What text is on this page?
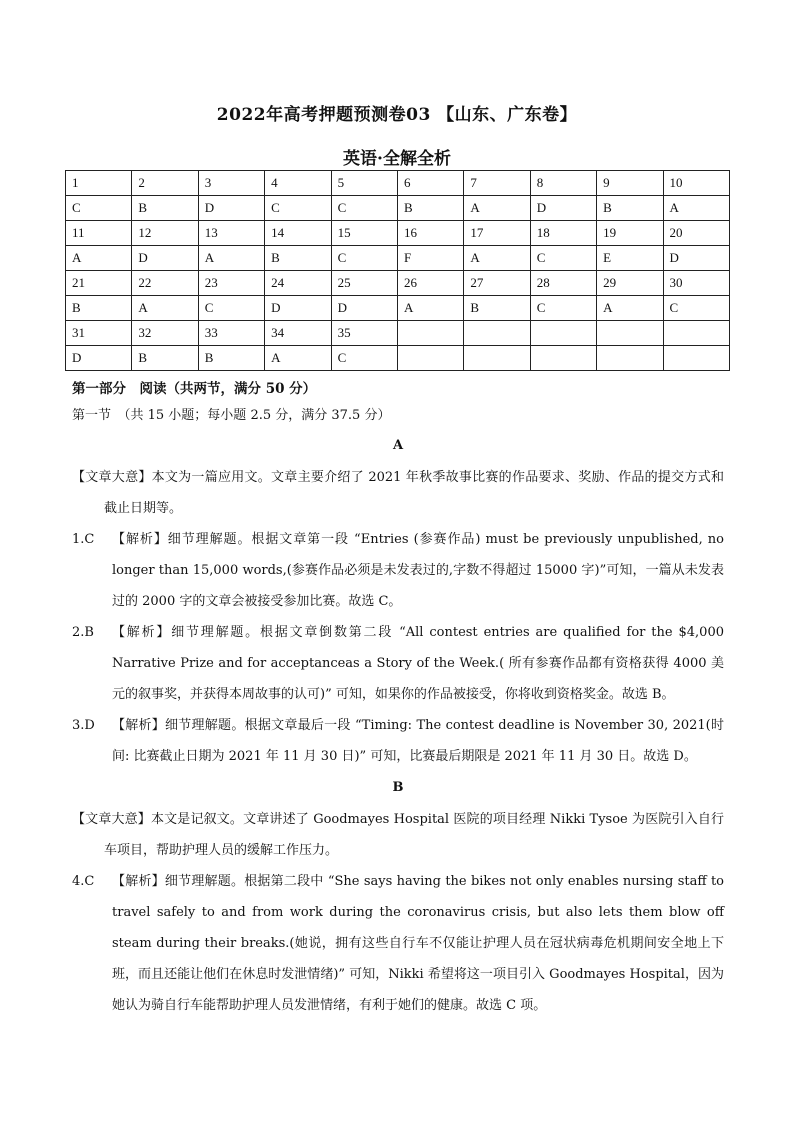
2022年高考押题预测卷03 【山东、广东卷】
英语·全解全析
1	2	3	4	5	6	7	8	9	10
C	B	D	C	C	B	A	D	B	A
11	12	13	14	15	16	17	18	19	20
A	D	A	B	C	F	A	C	E	D
21	22	23	24	25	26	27	28	29	30
B	A	C	D	D	A	B	C	A	C
31	32	33	34	35					
D	B	B	A	C					
第一部分　阅读（共两节，满分 50 分）
第一节　（共 15 小题；每小题 2.5 分，满分 37.5 分）
A
【文章大意】本文为一篇应用文。文章主要介绍了 2021 年秋季故事比赛的作品要求、奖励、作品的提交方式和截止日期等。
1.C	【解析】细节理解题。根据文章第一段 “Entries (参赛作品) must be previously unpublished, no longer than 15,000 words,(参赛作品必须是未发表过的,字数不得超过 15000 字)”可知，一篇从未发表过的 2000 字的文章会被接受参加比赛。故选 C。
2.B	【解析】细节理解题。根据文章倒数第二段 “All contest entries are qualified for the $4,000 Narrative Prize and for acceptanceas a Story of the Week.( 所有参赛作品都有资格获得 4000 美元的叙事奖，并获得本周故事的认可)” 可知，如果你的作品被接受，你将收到资格奖金。故选 B。
3.D	【解析】细节理解题。根据文章最后一段 “Timing: The contest deadline is November 30, 2021(时间: 比赛截止日期为 2021 年 11 月 30 日)” 可知，比赛最后期限是 2021 年 11 月 30 日。故选 D。
B
【文章大意】本文是记叙文。文章讲述了 Goodmayes Hospital 医院的项目经理 Nikki Tysoe 为医院引入自行车项目，帮助护理人员的缓解工作压力。
4.C	【解析】细节理解题。根据第二段中 “She says having the bikes not only enables nursing staff to travel safely to and from work during the coronavirus crisis, but also lets them blow off steam during their breaks.(她说，拥有这些自行车不仅能让护理人员在冠状病毒危机期间安全地上下班，而且还能让他们在休息时发泄情绪)” 可知，Nikki 希望将这一项目引入 Goodmayes Hospital，因为她认为骑自行车能帮助护理人员发泄情绪，有利于她们的健康。故选 C 项。
